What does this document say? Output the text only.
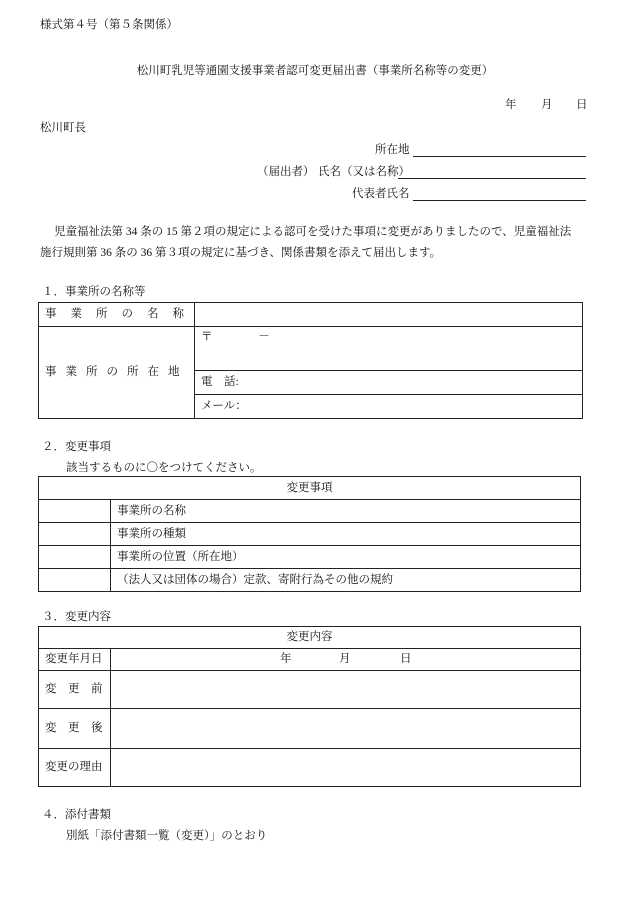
様式第４号（第５条関係）
松川町乳児等通園支援事業者認可変更届出書（事業所名称等の変更）
年 月 日
松川町長
所在地
（届出者） 氏名（又は名称）
代表者氏名
児童福祉法第 34 条の 15 第２項の規定による認可を受けた事項に変更がありましたので、児童福祉法
施行規則第 36 条の 36 第３項の規定に基づき、関係書類を添えて届出します。
１．事業所の名称等
事業所の名称	
事業所の所在地	〒 －
	電　話:
	メール：
２．変更事項
該当するものに〇をつけてください。
変更事項	
	事業所の名称
	事業所の種類
	事業所の位置（所在地）
	（法人又は団体の場合）定款、寄附行為その他の規約
３．変更内容
変更内容	
変更年月日	年 月 日

変　更　前	
変　更　後	
変更の理由	
４．添付書類
別紙「添付書類一覧（変更）」のとおり
